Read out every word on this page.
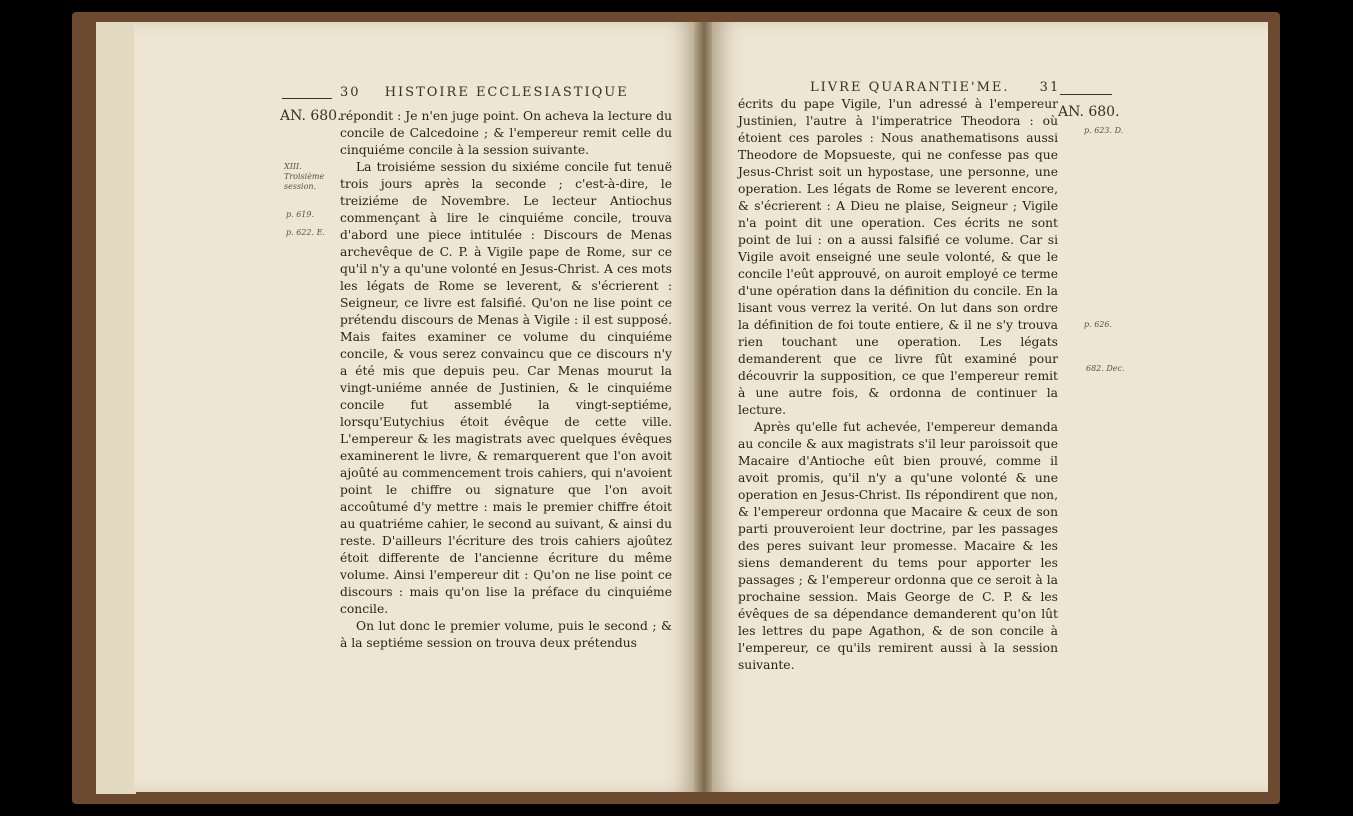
30 HISTOIRE ECCLESIASTIQUE
AN. 680.
XIII.
Troisième session.
p. 619.
p. 622. E.

répondit : Je n'en juge point. On acheva la lecture du concile de Calcedoine ; & l'empereur remit celle du cinquiéme concile à la session suivante.

La troisiéme session du sixiéme concile fut tenuë trois jours après la seconde ; c'est-à-dire, le treiziéme de Novembre. Le lecteur Antiochus commençant à lire le cinquiéme concile, trouva d'abord une piece intitulée : Discours de Menas archevêque de C. P. à Vigile pape de Rome, sur ce qu'il n'y a qu'une volonté en Jesus-Christ. A ces mots les légats de Rome se leverent, & s'écrierent : Seigneur, ce livre est falsifié. Qu'on ne lise point ce prétendu discours de Menas à Vigile : il est supposé. Mais faites examiner ce volume du cinquiéme concile, & vous serez convaincu que ce discours n'y a été mis que depuis peu. Car Menas mourut la vingt-uniéme année de Justinien, & le cinquiéme concile fut assemblé la vingt-septiéme, lorsqu'Eutychius étoit évêque de cette ville. L'empereur & les magistrats avec quelques évêques examinerent le livre, & remarquerent que l'on avoit ajoûté au commencement trois cahiers, qui n'avoient point le chiffre ou signature que l'on avoit accoûtumé d'y mettre : mais le premier chiffre étoit au quatriéme cahier, le second au suivant, & ainsi du reste. D'ailleurs l'écriture des trois cahiers ajoûtez étoit differente de l'ancienne écriture du même volume. Ainsi l'empereur dit : Qu'on ne lise point ce discours : mais qu'on lise la préface du cinquiéme concile.

On lut donc le premier volume, puis le second ; & à la septiéme session on trouva deux prétendus

LIVRE QUARANTIE'ME. 31
AN. 680.
p. 623. D.
p. 626.
682. Dec.

écrits du pape Vigile, l'un adressé à l'empereur Justinien, l'autre à l'imperatrice Theodora : où étoient ces paroles : Nous anathematisons aussi Theodore de Mopsueste, qui ne confesse pas que Jesus-Christ soit un hypostase, une personne, une operation. Les légats de Rome se leverent encore, & s'écrierent : A Dieu ne plaise, Seigneur ; Vigile n'a point dit une operation. Ces écrits ne sont point de lui : on a aussi falsifié ce volume. Car si Vigile avoit enseigné une seule volonté, & que le concile l'eût approuvé, on auroit employé ce terme d'une opération dans la définition du concile. En la lisant vous verrez la verité. On lut dans son ordre la définition de foi toute entiere, & il ne s'y trouva rien touchant une operation. Les légats demanderent que ce livre fût examiné pour découvrir la supposition, ce que l'empereur remit à une autre fois, & ordonna de continuer la lecture.

Après qu'elle fut achevée, l'empereur demanda au concile & aux magistrats s'il leur paroissoit que Macaire d'Antioche eût bien prouvé, comme il avoit promis, qu'il n'y a qu'une volonté & une operation en Jesus-Christ. Ils répondirent que non, & l'empereur ordonna que Macaire & ceux de son parti prouveroient leur doctrine, par les passages des peres suivant leur promesse. Macaire & les siens demanderent du tems pour apporter les passages ; & l'empereur ordonna que ce seroit à la prochaine session. Mais George de C. P. & les évêques de sa dépendance demanderent qu'on lût les lettres du pape Agathon, & de son concile à l'empereur, ce qu'ils remirent aussi à la session suivante.
